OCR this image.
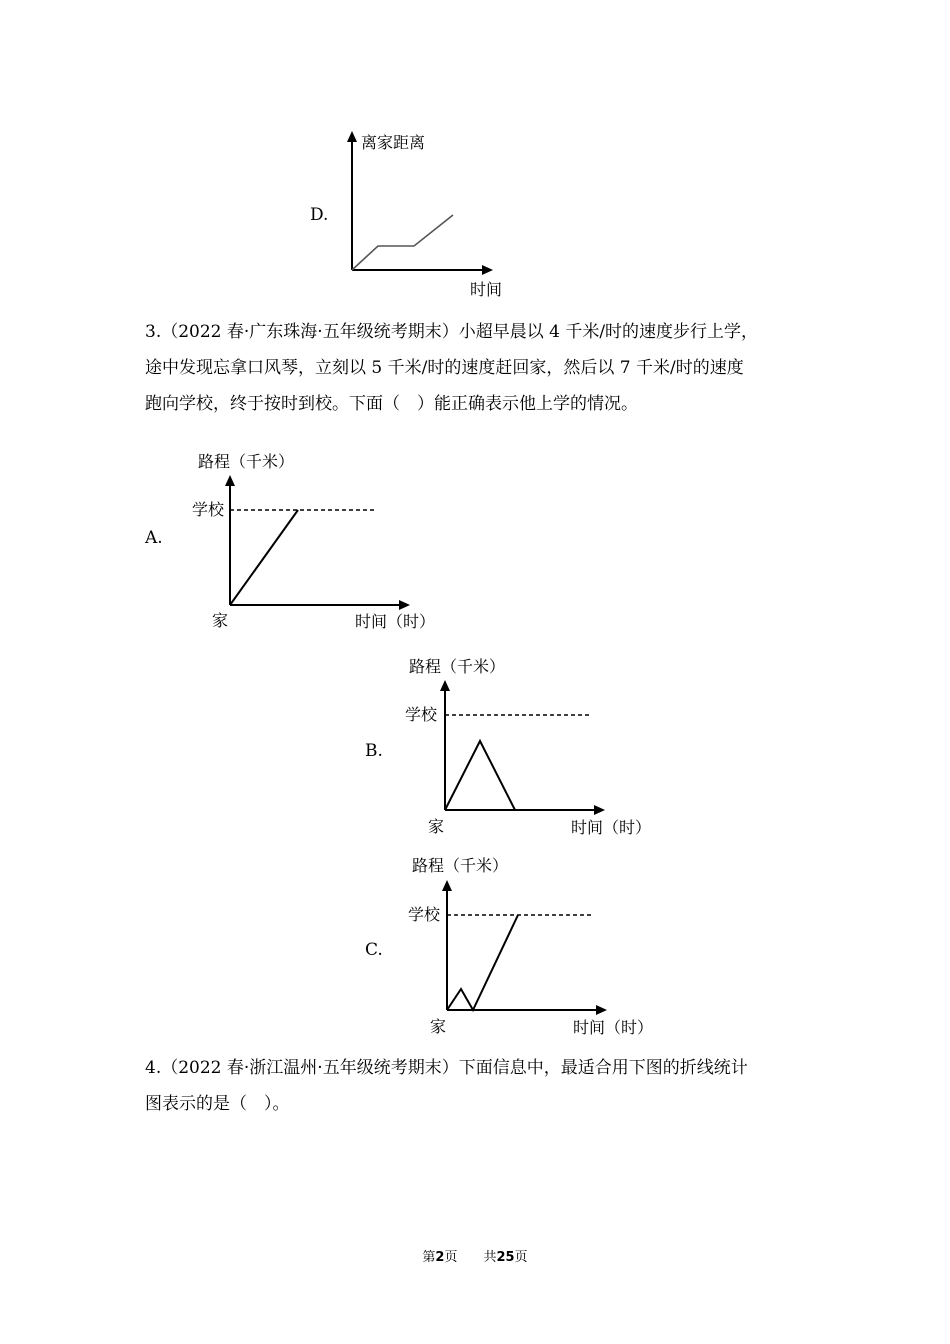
D.
离家距离
时间

3.（2022 春·广东珠海·五年级统考期末）小超早晨以 4 千米/时的速度步行上学，

途中发现忘拿口风琴，立刻以 5 千米/时的速度赶回家，然后以 7 千米/时的速度

跑向学校，终于按时到校。下面（　）能正确表示他上学的情况。

A.
路程（千米）
学校
家	时间（时）
B.
路程（千米）
学校
家	时间（时）
C.
路程（千米）
学校
家	时间（时）

4.（2022 春·浙江温州·五年级统考期末）下面信息中，最适合用下图的折线统计

图表示的是（　）。

第2页　　共25页
